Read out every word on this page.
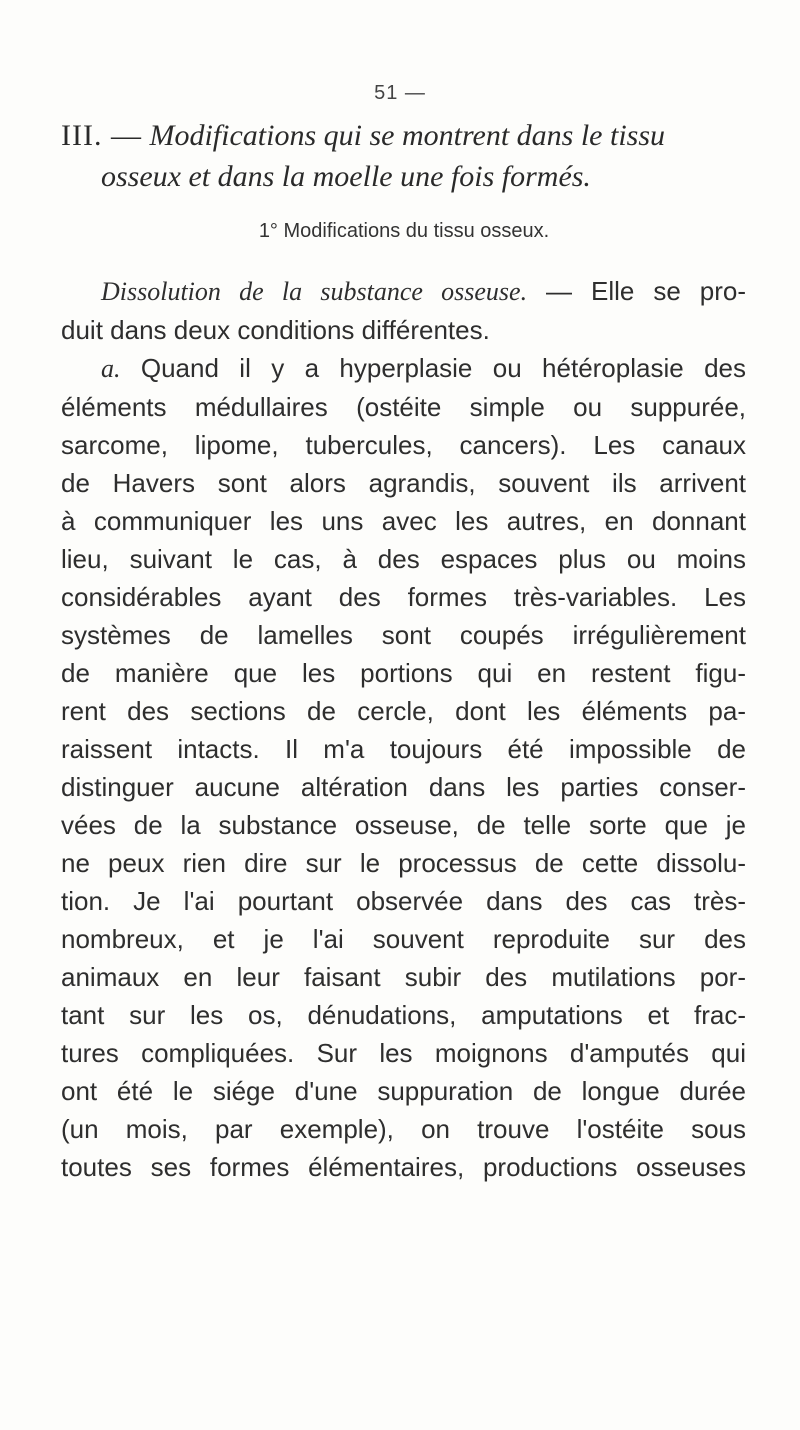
51 —
III. — Modifications qui se montrent dans le tissu
osseux et dans la moelle une fois formés.
1° Modifications du tissu osseux.
Dissolution de la substance osseuse. — Elle se pro-
duit dans deux conditions différentes.
a. Quand il y a hyperplasie ou hétéroplasie des
éléments médullaires (ostéite simple ou suppurée,
sarcome, lipome, tubercules, cancers). Les canaux
de Havers sont alors agrandis, souvent ils arrivent
à communiquer les uns avec les autres, en donnant
lieu, suivant le cas, à des espaces plus ou moins
considérables ayant des formes très-variables. Les
systèmes de lamelles sont coupés irrégulièrement
de manière que les portions qui en restent figu-
rent des sections de cercle, dont les éléments pa-
raissent intacts. Il m'a toujours été impossible de
distinguer aucune altération dans les parties conser-
vées de la substance osseuse, de telle sorte que je
ne peux rien dire sur le processus de cette dissolu-
tion. Je l'ai pourtant observée dans des cas très-
nombreux, et je l'ai souvent reproduite sur des
animaux en leur faisant subir des mutilations por-
tant sur les os, dénudations, amputations et frac-
tures compliquées. Sur les moignons d'amputés qui
ont été le siége d'une suppuration de longue durée
(un mois, par exemple), on trouve l'ostéite sous
toutes ses formes élémentaires, productions osseuses
